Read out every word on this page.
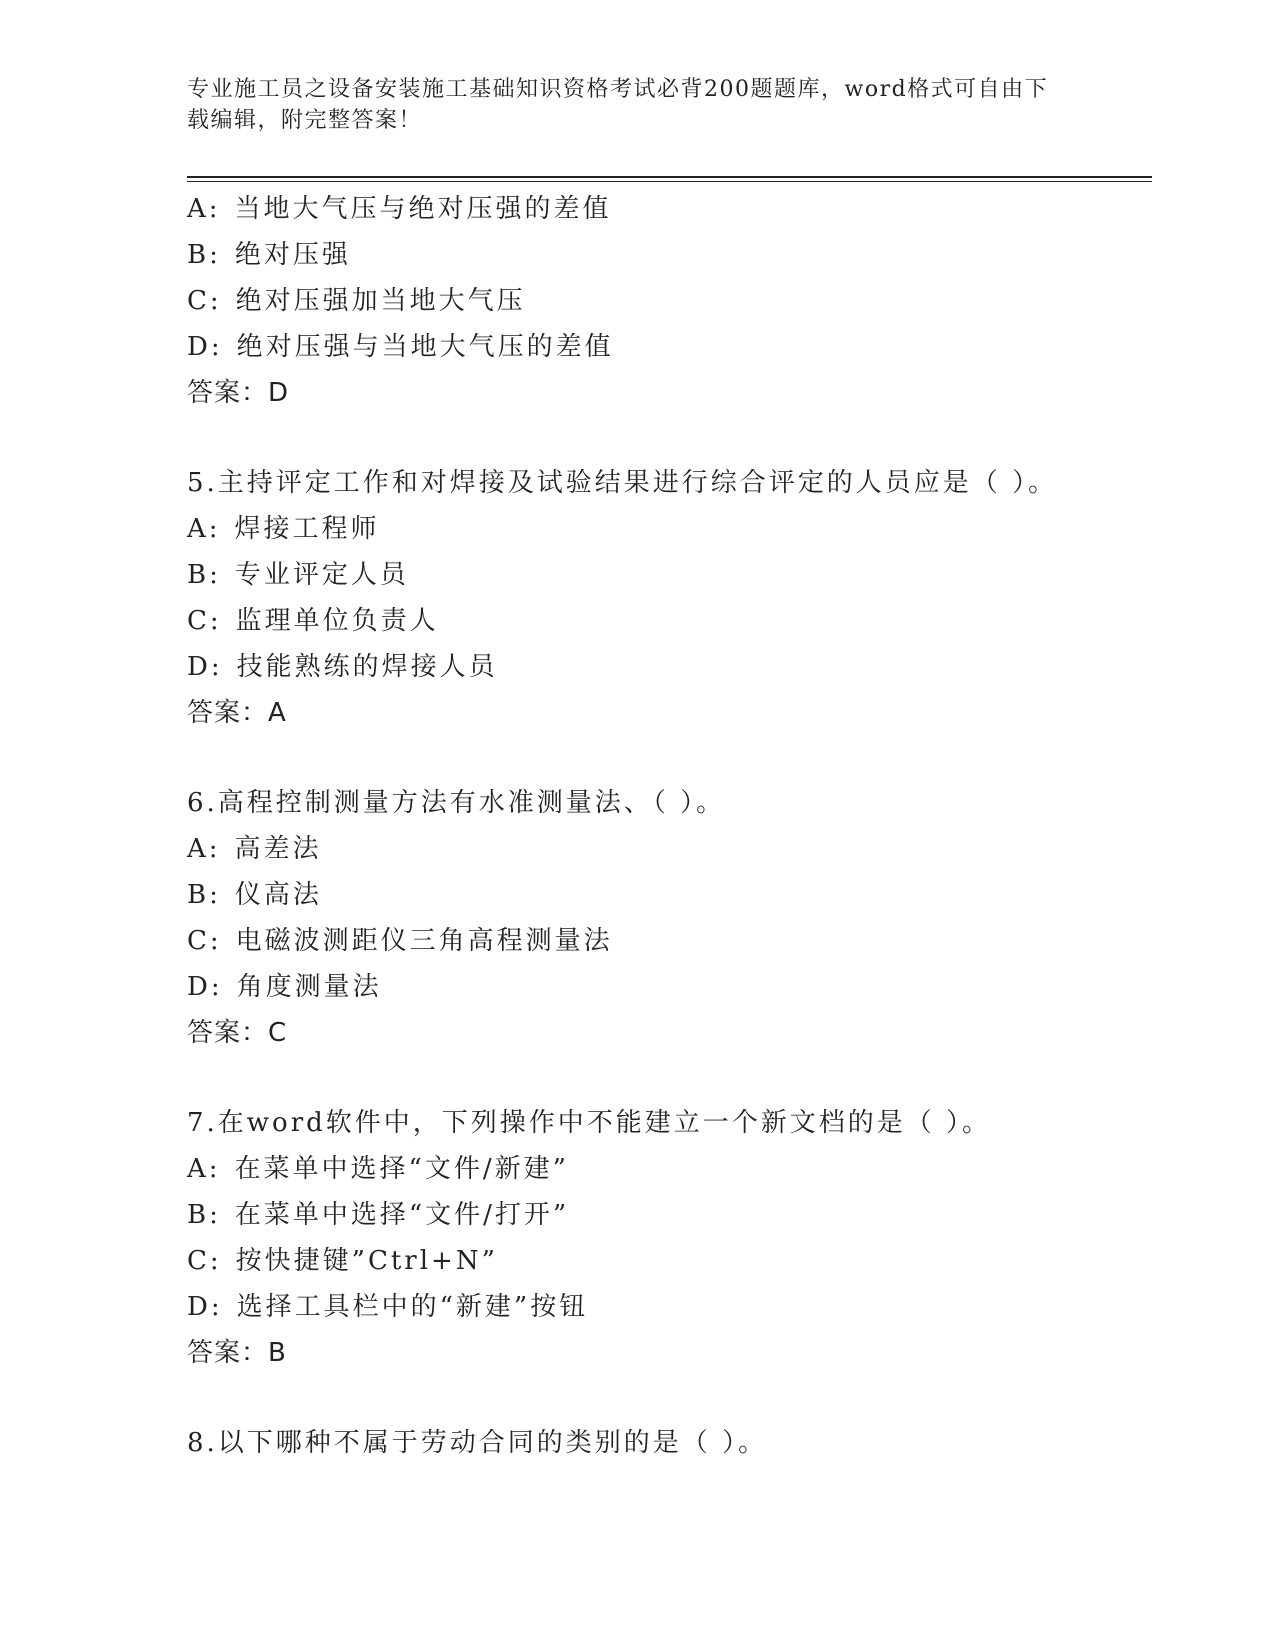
专业施工员之设备安装施工基础知识资格考试必背200题题库，word格式可自由下载编辑，附完整答案！
A: 当地大气压与绝对压强的差值
B: 绝对压强
C: 绝对压强加当地大气压
D: 绝对压强与当地大气压的差值
答案：D
5.主持评定工作和对焊接及试验结果进行综合评定的人员应是（ ）。
A: 焊接工程师
B: 专业评定人员
C: 监理单位负责人
D: 技能熟练的焊接人员
答案：A
6.高程控制测量方法有水准测量法、（ ）。
A: 高差法
B: 仪高法
C: 电磁波测距仪三角高程测量法
D: 角度测量法
答案：C
7.在word软件中，下列操作中不能建立一个新文档的是（ ）。
A: 在菜单中选择“文件/新建”
B: 在菜单中选择“文件/打开”
C: 按快捷键”Ctrl+N”
D: 选择工具栏中的“新建”按钮
答案：B
8.以下哪种不属于劳动合同的类别的是（ ）。
